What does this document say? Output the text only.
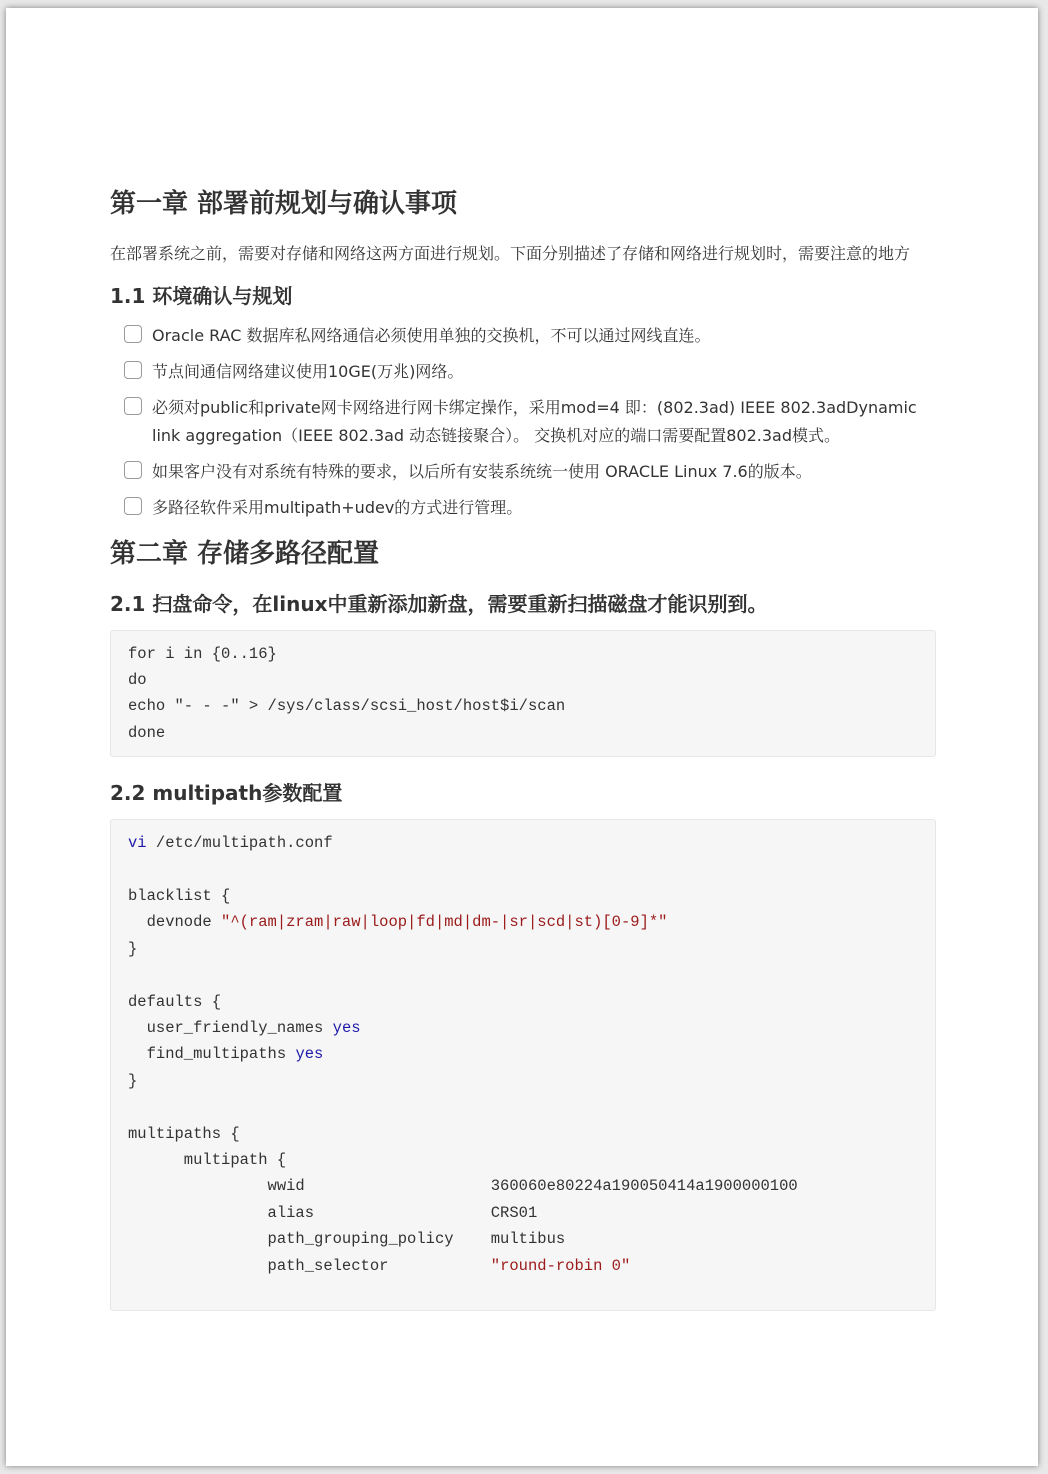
第一章 部署前规划与确认事项

在部署系统之前，需要对存储和网络这两方面进行规划。下面分别描述了存储和网络进行规划时，需要注意的地方

1.1 环境确认与规划
Oracle RAC 数据库私网络通信必须使用单独的交换机，不可以通过网线直连。
节点间通信网络建议使用10GE(万兆)网络。
必须对public和private网卡网络进行网卡绑定操作，采用mod=4 即：(802.3ad) IEEE 802.3adDynamic link aggregation（IEEE 802.3ad 动态链接聚合）。 交换机对应的端口需要配置802.3ad模式。
如果客户没有对系统有特殊的要求，以后所有安装系统统一使用 ORACLE Linux 7.6的版本。
多路径软件采用multipath+udev的方式进行管理。
第二章 存储多路径配置
2.1 扫盘命令，在linux中重新添加新盘，需要重新扫描磁盘才能识别到。
for i in {0..16}
do
echo "- - -" > /sys/class/scsi_host/host$i/scan
done
2.2 multipath参数配置
vi /etc/multipath.conf
blacklist {
devnode "^(ram|zram|raw|loop|fd|md|dm-|sr|scd|st)[0-9]*"
}
defaults {
user_friendly_names yes
find_multipaths yes
}
multipaths {
multipath {
wwid                    360060e80224a190050414a1900000100
alias                   CRS01
path_grouping_policy    multibus
path_selector           "round-robin 0"
